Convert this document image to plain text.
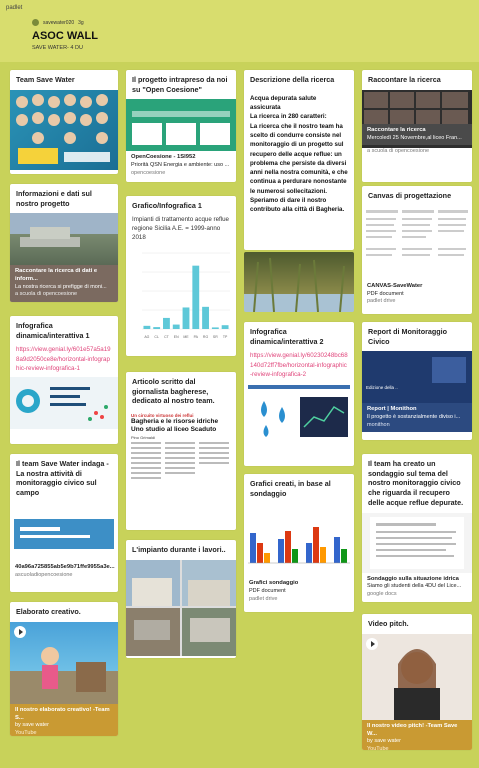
padlet
savewater020 3g
ASOC WALL
SAVE WATER- 4 DU
Team Save Water
Informazioni e dati sul nostro progetto
Raccontare la ricerca di dati e inform...
La nostra ricerca si prefigge di moni...
a scuola di opencoesione
Infografica dinamica/interattiva 1
https://view.genial.ly/601e57a5a198a9d2050ce8e/horizontal-infographic-review-infografica-1
Il team Save Water indaga - La nostra attività di monitoraggio civico sul campo
40a96a725855ab5e9b71ffe9955a3e...
ascuoladiopencoesione
Elaborato creativo.
Il nostro elaborato creativo! -Team S...
by save water
YouTube
Il progetto intrapreso da noi su "Open Coesione"
OpenCoesione - 1SI952
Priorità QSN Energia e ambiente: uso ...
opencoesione
Grafico/Infografica 1
Impianti di trattamento acque reflue regione Sicilia A.E. = 1999-anno 2018
AG CL CT EN ME PA RG SR TP
Articolo scritto dal giornalista bagherese, dedicato al nostro team.
Un circuito virtuoso dei reflui
Bagheria e le risorse idriche Uno studio al liceo Scaduto
Pino Grimaldi
L'impianto durante i lavori..
Descrizione della ricerca
Acqua depurata salute assicurata
La ricerca in 280 caratteri:
La ricerca che il nostro team ha scelto di condurre consiste nel monitoraggio di un progetto sul recupero delle acque reflue: un problema che persiste da diversi anni nella nostra comunità, e che continua a perdurare nonostante le numerosi sollecitazioni.
Speriamo di dare il nostro contributo alla città di Bagheria.
Infografica dinamica/interattiva 2
https://view.genial.ly/60230248bc68140d72ff7fbe/horizontal-infographic-review-infografica-2
Grafici creati, in base al sondaggio
Grafici sondaggio
PDF document
padlet drive
Raccontare la ricerca
Raccontare la ricerca
Mercoledì 25 Novembre,al liceo Fran...
a scuola di opencoesione
Canvas di progettazione
CANVAS-SaveWater
PDF document
padlet drive
Report di Monitoraggio Civico
Edizione della ..
Report | Monithon
Il progetto è sostanzialmente diviso i...
monithon
Il team ha creato un sondaggio sul tema del nostro monitoraggio civico che riguarda il recupero delle acque reflue depurate.
Sondaggio sulla situazione idrica
Siamo gli studenti della 4DU del Lice...
google docs
Video pitch.
Il nostro video pitch! -Team Save W...
by save water
YouTube
